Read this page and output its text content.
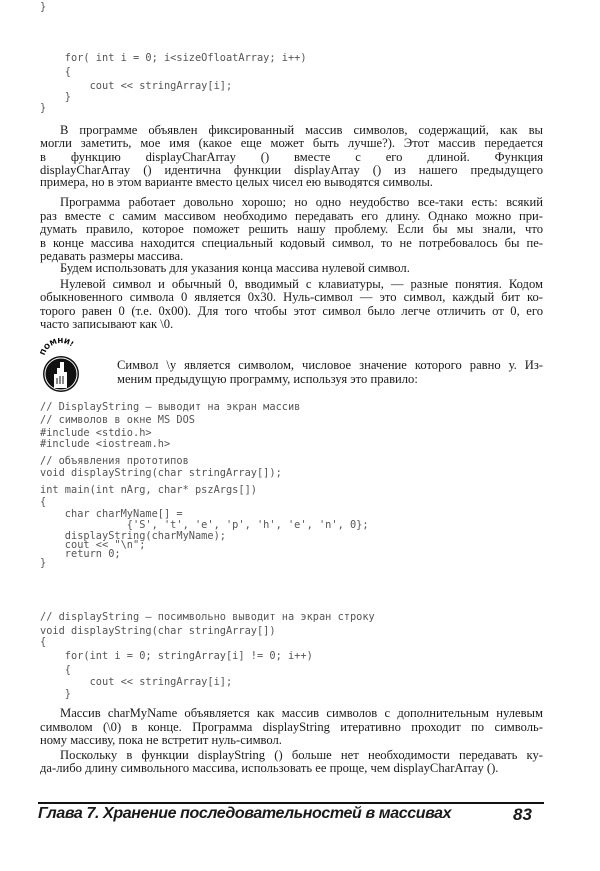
ПОМНИ!
Глава 7. Хранение последовательностей в массивах	83
for( int i = 0; i<sizeOfloatArray; i++)
{
cout << stringArray[i];
}
}
В программе объявлен фиксированный массив символов, содержащий, как вы
могли заметить, мое имя (какое еще может быть лучше?). Этот массив передается
в функцию displayCharArray () вместе с его длиной. Функция
displayCharArray () идентична функции displayArray () из нашего предыдущего
примера, но в этом варианте вместо целых чисел ею выводятся символы.
Программа работает довольно хорошо; но одно неудобство все-таки есть: всякий
раз вместе с самим массивом необходимо передавать его длину. Однако можно при-
думать правило, которое поможет решить нашу проблему. Если бы мы знали, что
в конце массива находится специальный кодовый символ, то не потребовалось бы пе-
редавать размеры массива.
Будем использовать для указания конца массива нулевой символ.
Нулевой символ и обычный 0, вводимый с клавиатуры, — разные понятия. Кодом
обыкновенного символа 0 является 0x30. Нуль-символ — это символ, каждый бит ко-
торого равен 0 (т.е. 0x00). Для того чтобы этот символ было легче отличить от 0, его
часто записывают как \0.
Символ \у является символом, числовое значение которого равно у. Из-
меним предыдущую программу, используя это правило:
// DisplayString — выводит на экран массив
// символов в окне MS DOS
#include <stdio.h>
#include <iostream.h>
// объявления прототипов
void displayString(char stringArray[]);
int main(int nArg, char* pszArgs[])
{
char charMyName[] =
{'S', 't', 'e', 'p', 'h', 'e', 'n', 0};
displayString(charMyName);
cout << "\n";
return 0;
}
// displayString — посимвольно выводит на экран строку
void displayString(char stringArray[])
{
for(int i = 0; stringArray[i] != 0; i++)
{
cout << stringArray[i];
}
}
Массив charMyName объявляется как массив символов с дополнительным нулевым
символом (\0) в конце. Программа displayString итеративно проходит по символь-
ному массиву, пока не встретит нуль-символ.
Поскольку в функции displayString () больше нет необходимости передавать ку-
да-либо длину символьного массива, использовать ее проще, чем displayCharArray ().
